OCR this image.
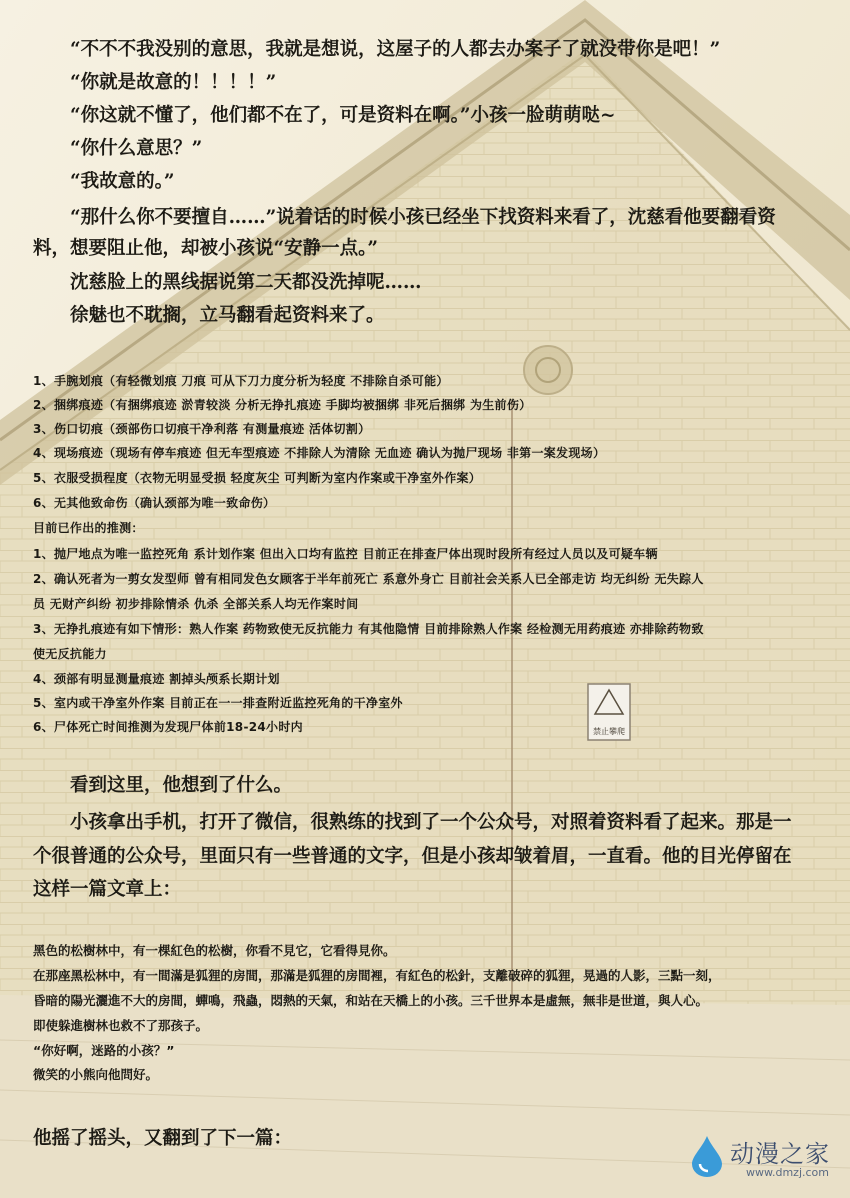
禁止攀爬

“不不不我没别的意思，我就是想说，这屋子的人都去办案子了就没带你是吧！”

“你就是故意的！！！！”

“你这就不懂了，他们都不在了，可是资料在啊。”小孩一脸萌萌哒~

“你什么意思？”

“我故意的。”

“那什么你不要擅自……”说着话的时候小孩已经坐下找资料来看了，沈慈看他要翻看资

料，想要阻止他，却被小孩说“安静一点。”

沈慈脸上的黑线据说第二天都没洗掉呢……

徐魅也不耽搁，立马翻看起资料来了。

1、手腕划痕（有轻微划痕 刀痕 可从下刀力度分析为轻度 不排除自杀可能）

2、捆绑痕迹（有捆绑痕迹 淤青较淡 分析无挣扎痕迹 手脚均被捆绑 非死后捆绑 为生前伤）

3、伤口切痕（颈部伤口切痕干净利落 有测量痕迹 活体切割）

4、现场痕迹（现场有停车痕迹 但无车型痕迹 不排除人为清除 无血迹 确认为抛尸现场 非第一案发现场）

5、衣服受损程度（衣物无明显受损 轻度灰尘 可判断为室内作案或干净室外作案）

6、无其他致命伤（确认颈部为唯一致命伤）

目前已作出的推测：

1、抛尸地点为唯一监控死角 系计划作案 但出入口均有监控 目前正在排查尸体出现时段所有经过人员以及可疑车辆

2、确认死者为一剪女发型师 曾有相同发色女顾客于半年前死亡 系意外身亡 目前社会关系人已全部走访 均无纠纷 无失踪人

员 无财产纠纷 初步排除情杀 仇杀 全部关系人均无作案时间

3、无挣扎痕迹有如下情形：熟人作案 药物致使无反抗能力 有其他隐情 目前排除熟人作案 经检测无用药痕迹 亦排除药物致

使无反抗能力

4、颈部有明显测量痕迹 割掉头颅系长期计划

5、室内或干净室外作案 目前正在一一排查附近监控死角的干净室外

6、尸体死亡时间推测为发现尸体前18-24小时内

看到这里，他想到了什么。

小孩拿出手机，打开了微信，很熟练的找到了一个公众号，对照着资料看了起来。那是一

个很普通的公众号，里面只有一些普通的文字，但是小孩却皱着眉，一直看。他的目光停留在

这样一篇文章上：

黑色的松樹林中，有一棵紅色的松樹，你看不見它，它看得見你。

在那座黑松林中，有一間滿是狐狸的房間，那滿是狐狸的房間裡，有紅色的松針，支離破碎的狐狸，晃過的人影，三點一刻，

昏暗的陽光灑進不大的房間，蟬鳴，飛蟲，悶熱的天氣，和站在天橋上的小孩。三千世界本是虛無，無非是世道，與人心。

即使躲進樹林也救不了那孩子。

“你好啊，迷路的小孩？”

微笑的小熊向他問好。

他摇了摇头，又翻到了下一篇：

动漫之家
www.dmzj.com
